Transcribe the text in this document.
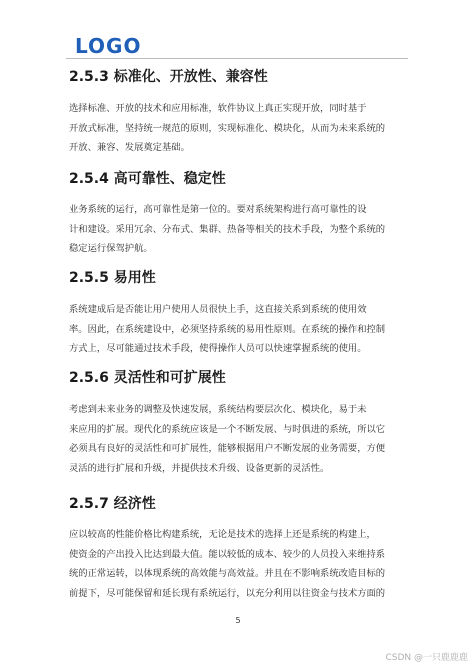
LOGO
2.5.3 标准化、开放性、兼容性
选择标准、开放的技术和应用标准，软件协议上真正实现开放，同时基于
开放式标准，坚持统一规范的原则，实现标准化、模块化，从而为未来系统的
开放、兼容、发展奠定基础。
2.5.4 高可靠性、稳定性
业务系统的运行，高可靠性是第一位的。要对系统架构进行高可靠性的设
计和建设。采用冗余、分布式、集群、热备等相关的技术手段，为整个系统的
稳定运行保驾护航。
2.5.5 易用性
系统建成后是否能让用户使用人员很快上手，这直接关系到系统的使用效
率。因此，在系统建设中，必须坚持系统的易用性原则。在系统的操作和控制
方式上，尽可能通过技术手段，使得操作人员可以快速掌握系统的使用。
2.5.6 灵活性和可扩展性
考虑到未来业务的调整及快速发展，系统结构要层次化、模块化，易于未
来应用的扩展。现代化的系统应该是一个不断发展、与时俱进的系统，所以它
必须具有良好的灵活性和可扩展性，能够根据用户不断发展的业务需要，方便
灵活的进行扩展和升级，并提供技术升级、设备更新的灵活性。
2.5.7 经济性
应以较高的性能价格比构建系统，无论是技术的选择上还是系统的构建上，
使资金的产出投入比达到最大值。能以较低的成本、较少的人员投入来维持系
统的正常运转，以体现系统的高效能与高效益。并且在不影响系统改造目标的
前提下，尽可能保留和延长现有系统运行，以充分利用以往资金与技术方面的
5
CSDN @一只鹿鹿鹿
